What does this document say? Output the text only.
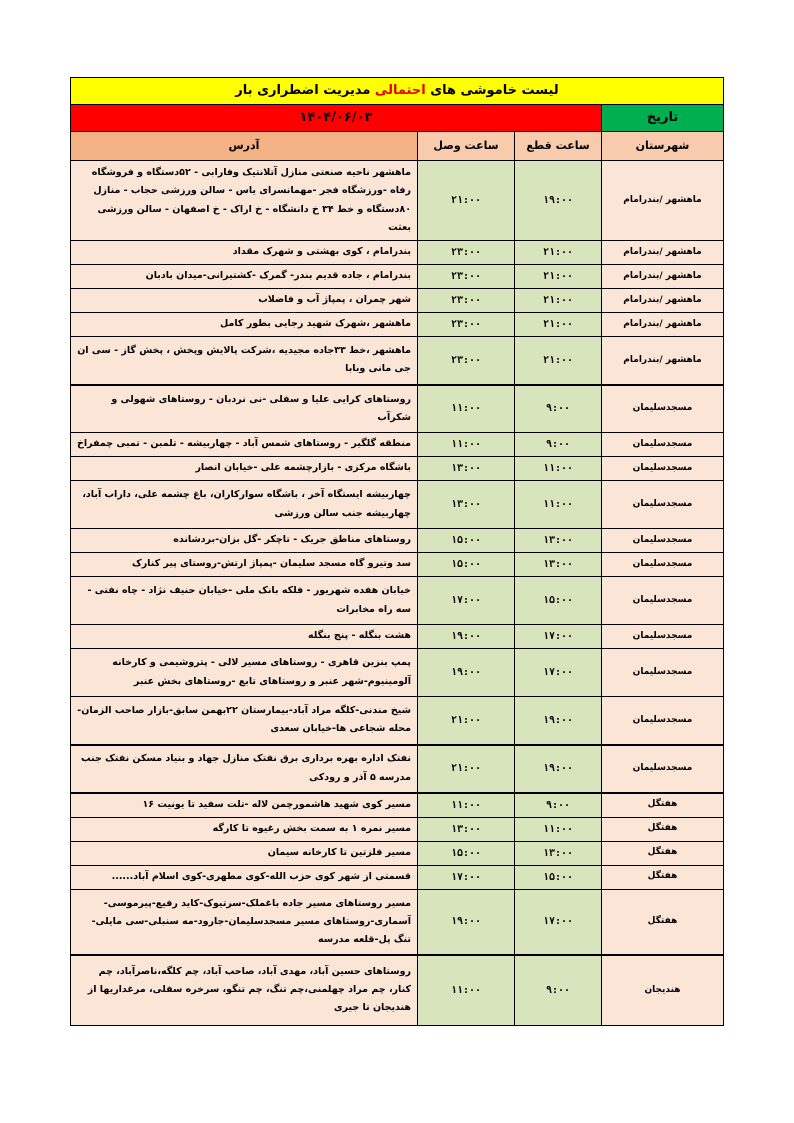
لیست خاموشی های احتمالی مدیریت اضطراری بار			
تاریخ	۱۴۰۴/۰۶/۰۳		
شهرستان	ساعت قطع	ساعت وصل	آدرس
ماهشهر /بندرامام	۱۹:۰۰	۲۱:۰۰	ماهشهر ناحیه صنعتی منازل آتلانتیک وفارابی - ۵۲دستگاه و فروشگاه رفاه -ورزشگاه فجر -مهمانسرای یاس - سالن ورزشی حجاب - منازل ۸۰دستگاه و خط ۳۴ خ دانشگاه - خ اراک - خ اصفهان - سالن ورزشی بعثت
ماهشهر /بندرامام	۲۱:۰۰	۲۳:۰۰	بندرامام ، کوی بهشتی و شهرک مقداد
ماهشهر /بندرامام	۲۱:۰۰	۲۳:۰۰	بندرامام ، جاده قدیم بندر- گمرک -کشتیرانی-میدان بادبان
ماهشهر /بندرامام	۲۱:۰۰	۲۳:۰۰	شهر چمران ، پمپاژ آب و فاضلاب
ماهشهر /بندرامام	۲۱:۰۰	۲۳:۰۰	ماهشهر ،شهرک شهید رجایی بطور کامل
ماهشهر /بندرامام	۲۱:۰۰	۲۳:۰۰	ماهشهر ،خط ۳۳جاده مجیدیه ،شرکت پالایش وپخش ، پخش گاز - سی ان جی مانی وبابا
مسجدسلیمان	۹:۰۰	۱۱:۰۰	روستاهای کرایی علیا و سفلی -نی نردبان - روستاهای شهولی و شکرآب
مسجدسلیمان	۹:۰۰	۱۱:۰۰	منطقه گلگیر - روستاهای شمس آباد - چهاربیشه - تلمبن - تمبی چمفراخ
مسجدسلیمان	۱۱:۰۰	۱۳:۰۰	باشگاه مرکزی - بازارچشمه علی -خیابان انصار
مسجدسلیمان	۱۱:۰۰	۱۳:۰۰	چهاربیشه ایستگاه آخر ، باشگاه سوارکاران، باغ چشمه علی، داراب آباد، چهاربیشه جنب سالن ورزشی
مسجدسلیمان	۱۳:۰۰	۱۵:۰۰	روستاهای مناطق جریک - تاچکر -گل بزان-بردشانده
مسجدسلیمان	۱۳:۰۰	۱۵:۰۰	سد وتیرو گاه مسجد سلیمان -پمپاژ ارتش-روستای پیر کنارک
مسجدسلیمان	۱۵:۰۰	۱۷:۰۰	خیابان هفده شهریور - فلکه بانک ملی -خیابان حنیف نژاد - چاه نفتی - سه راه مخابرات
مسجدسلیمان	۱۷:۰۰	۱۹:۰۰	هشت بنگله - پنج بنگله
مسجدسلیمان	۱۷:۰۰	۱۹:۰۰	پمپ بنزین قاهری - روستاهای مسیر لالی - پتروشیمی و کارخانه آلومینیوم-شهر عنبر و روستاهای تابع -روستاهای بخش عنبر
مسجدسلیمان	۱۹:۰۰	۲۱:۰۰	شیخ مندنی-کلگه مراد آباد-بیمارستان ۲۲بهمن سابق-بازار صاحب الزمان-محله شجاعی ها-خیابان سعدی
مسجدسلیمان	۱۹:۰۰	۲۱:۰۰	نفتک اداره بهره برداری برق نفتک منازل جهاد و بنیاد مسکن نفتک جنب مدرسه ۵ آذر و رودکی
هفتگل	۹:۰۰	۱۱:۰۰	مسیر کوی شهید هاشمورچمن لاله -تلت سفید تا یونیت ۱۶
هفتگل	۱۱:۰۰	۱۳:۰۰	مسیر نمره ۱ به سمت بخش رغیوه تا کارگه
هفتگل	۱۳:۰۰	۱۵:۰۰	مسیر فلزتین تا کارخانه سیمان
هفتگل	۱۵:۰۰	۱۷:۰۰	قسمتی از شهر کوی حزب الله-کوی مطهری-کوی اسلام آباد......
هفتگل	۱۷:۰۰	۱۹:۰۰	مسیر روستاهای مسیر جاده باغملک-سرتیوک-کاید رفیع-پیرموسی-آسماری-روستاهای مسیر مسجدسلیمان-جارود-مه سنبلی-سی مایلی-تنگ پل-قلعه مدرسه
هندیجان	۹:۰۰	۱۱:۰۰	روستاهای حسین آباد، مهدی آباد، صاحب آباد، چم کلگه،ناصرآباد، چم کنار، چم مراد چهلمنی،چم تنگ، چم تنگو، سرخره سفلی، مرغداریها از هندیجان تا جیری
